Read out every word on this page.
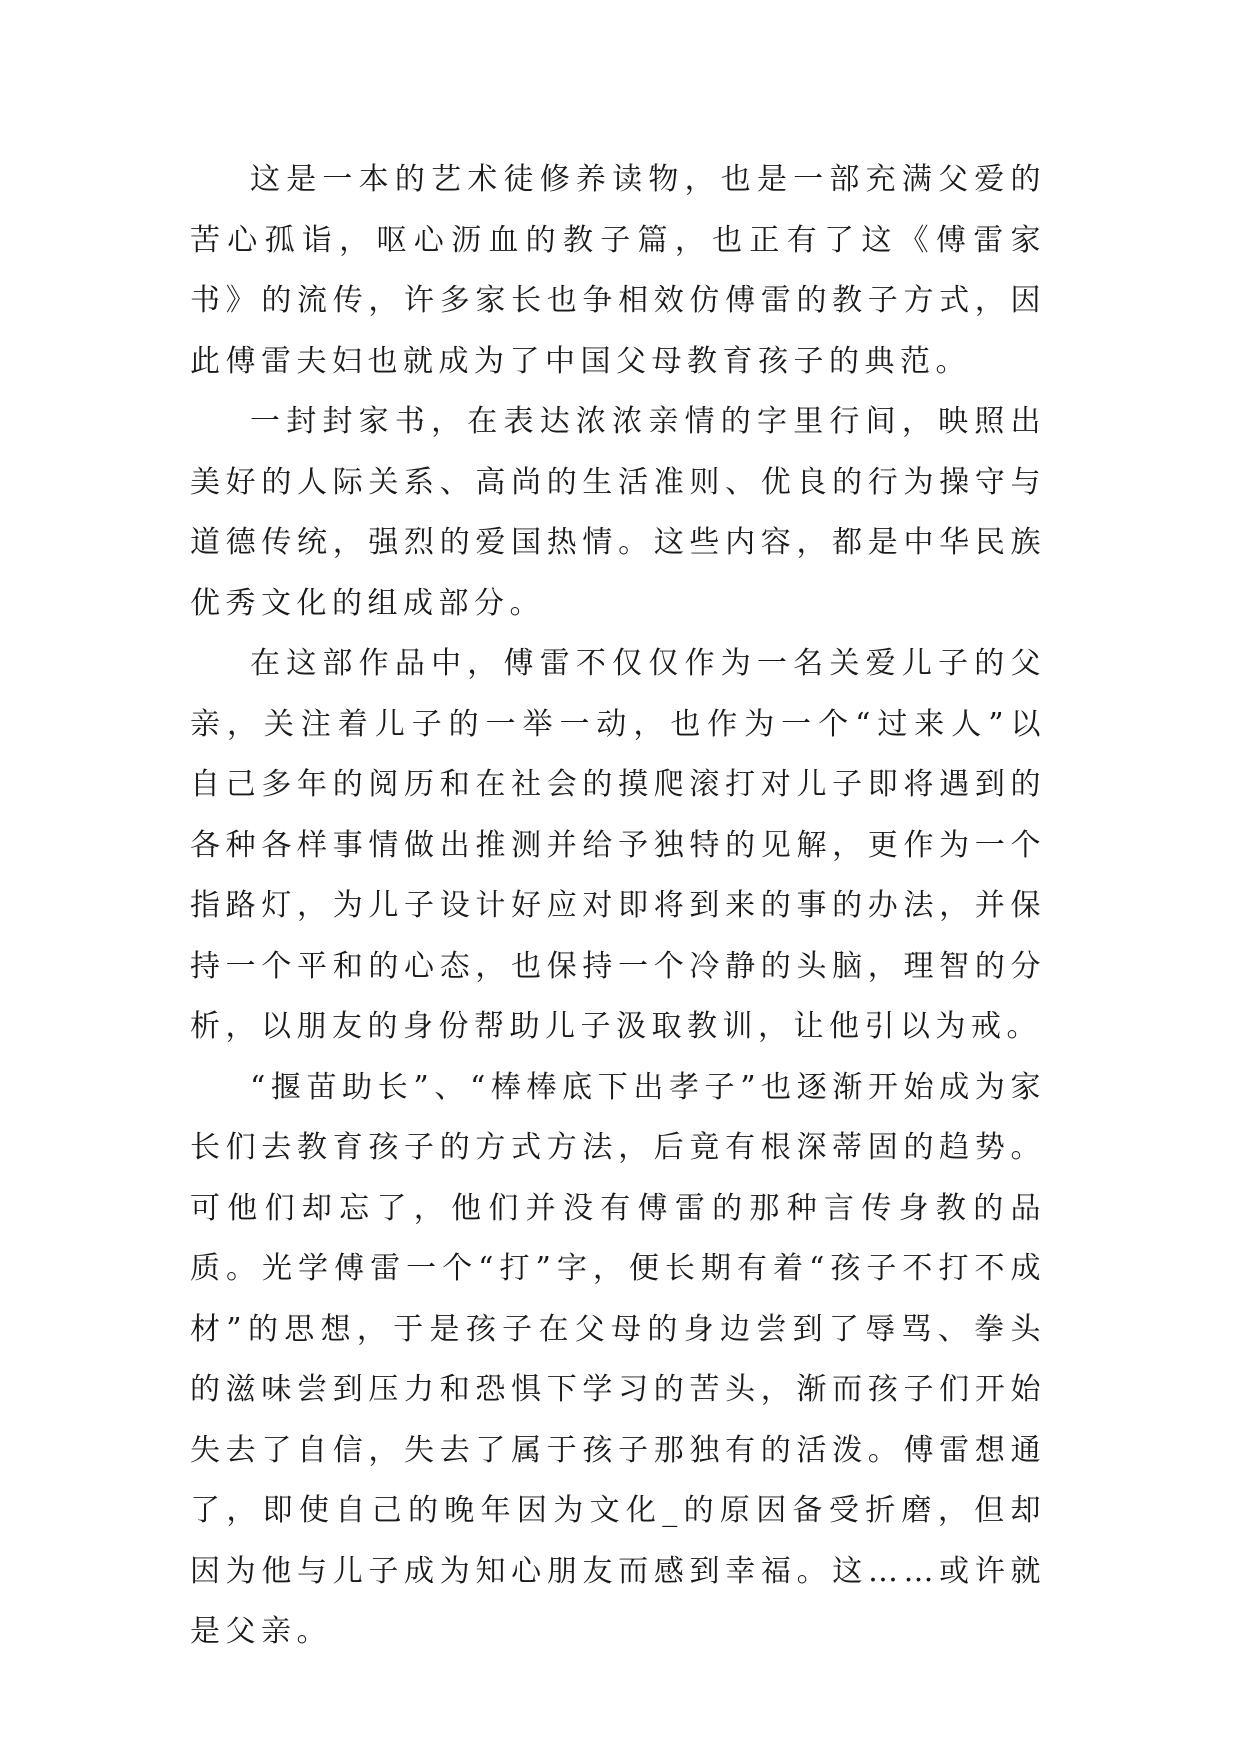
这是一本的艺术徒修养读物，也是一部充满父爱的苦心孤诣，呕心沥血的教子篇，也正有了这《傅雷家书》的流传，许多家长也争相效仿傅雷的教子方式，因此傅雷夫妇也就成为了中国父母教育孩子的典范。

一封封家书，在表达浓浓亲情的字里行间，映照出美好的人际关系、高尚的生活准则、优良的行为操守与道德传统，强烈的爱国热情。这些内容，都是中华民族优秀文化的组成部分。

在这部作品中，傅雷不仅仅作为一名关爱儿子的父亲，关注着儿子的一举一动，也作为一个“过来人”以自己多年的阅历和在社会的摸爬滚打对儿子即将遇到的各种各样事情做出推测并给予独特的见解，更作为一个指路灯，为儿子设计好应对即将到来的事的办法，并保持一个平和的心态，也保持一个冷静的头脑，理智的分析，以朋友的身份帮助儿子汲取教训，让他引以为戒。

“揠苗助长”、“棒棒底下出孝子”也逐渐开始成为家长们去教育孩子的方式方法，后竟有根深蒂固的趋势。可他们却忘了，他们并没有傅雷的那种言传身教的品质。光学傅雷一个“打”字，便长期有着“孩子不打不成材”的思想，于是孩子在父母的身边尝到了辱骂、拳头的滋味尝到压力和恐惧下学习的苦头，渐而孩子们开始失去了自信，失去了属于孩子那独有的活泼。傅雷想通了，即使自己的晚年因为文化_的原因备受折磨，但却因为他与儿子成为知心朋友而感到幸福。这……或许就是父亲。
